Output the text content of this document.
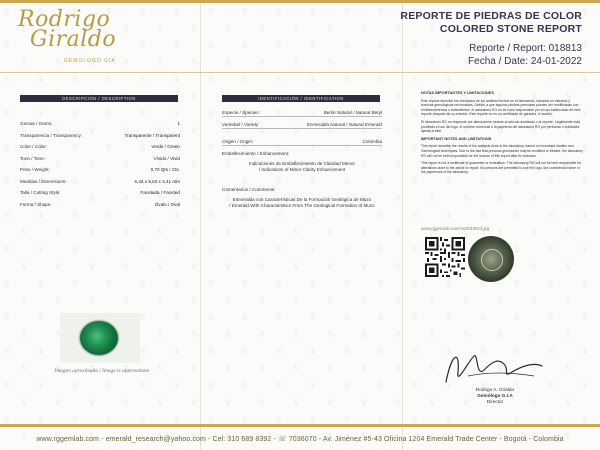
Rodrigo
Giraldo
GEMOLOGO GIA
REPORTE DE PIEDRAS DE COLOR
COLORED STONE REPORT
Reporte / Report: 018813
Fecha / Date: 24-01-2022
DESCRIPCIÓN / DESCRIPTION
Gemas / Gems:	1
Transparencia / Transparency:	Transparente / Transparent
Color / Color:	Verde / Green
Tono / Tone:	Vívido / Vivid
Peso / Weight:	0,70 Qts / Cts.
Medidas / Dimensions:	6,44 x 5,63 x 3,41 mm
Talla / Cutting Style:	Facetada / Faceted
Forma / Shape:	Óvalo / Oval
Imagen aproximada / Image is approximate
IDENTIFICACIÓN / IDENTIFICATION
Especie / Species:	Berilo Natural / Natural Beryl
Variedad / Variety:	Esmeralda Natural / Natural Emerald
Origen / Origin:	Colombia
Embellecimiento / Enhancement:
Indicaciones de Embellecimiento de Claridad Menor
/ Indications of Minor Clarity Enhancement
Comentarios / Comments:
Esmeralda con Características De la Formación Geológica de Muzo
/ Emerald With Characteristics From The Geological Formation of Muzo
NOTAS IMPORTANTES Y LIMITACIONES
Este reporte describe los resultados de los análisis hechos en el laboratorio, basados en estudios y técnicas gemológicas reconocidas. Debido a que algunas piedras preciosas pueden ser modificadas con embellecimientos o tratamientos, el laboratorio RG no se hace responsable por el uso inadecuado de este reporte después de su emisión. Este reporte no es un certificado de garantía, ni avalúo.
El laboratorio RG no responde por alteraciones hechas al artículo analizado o al reporte. Legalmente está prohibido el uso del logo, el nombre comercial o la papelería del laboratorio RG por personas o entidades ajenas a éste.
IMPORTANT NOTES AND LIMITATIONS
This report describe the results of the analysis done in the laboratory, based on renowned studies and Gemological techniques. Due to the fact that precious gemstones may be modified or treated, the laboratory RG will not be held responsible for the misuse of this report after its emission.
This report is not a certificate of guarantee or evaluation. The laboratory RG will not be held responsible for alterations done to the article or report. No persons are permitted to use the logo, the commercial name or the paperwork of the laboratory.
www.rggemlab.com/cert/018813.jpg
Rodrigo A. Giraldo
Gemólogo G.I.A
Director
www.rggemlab.com - emerald_research@yahoo.com - Cel: 310 689 8392 - ☏ 7036070 - Av. Jiménez #5-43 Oficina 1204 Emerald Trade Center - Bogotá - Colombia
